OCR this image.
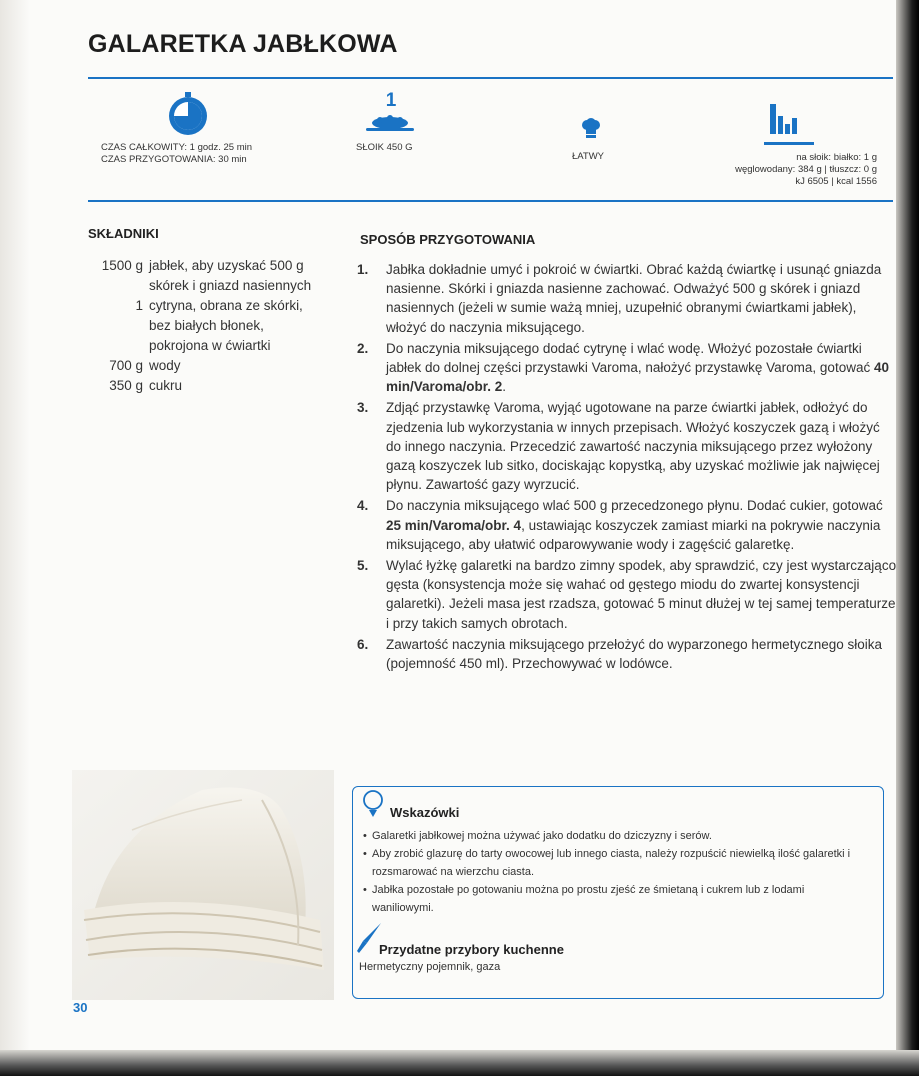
GALARETKA JABŁKOWA
CZAS CAŁKOWITY: 1 godz. 25 min
CZAS PRZYGOTOWANIA: 30 min
1
SŁOIK 450 G
ŁATWY	na słoik: białko: 1 g
węglowodany: 384 g | tłuszcz: 0 g
kJ 6505 | kcal 1556
SKŁADNIKI
1500 g jabłek, aby uzyskać 500 g
skórek i gniazd nasiennych
1 cytryna, obrana ze skórki,
bez białych błonek,
pokrojona w ćwiartki
700 g wody
350 g cukru
SPOSÓB PRZYGOTOWANIA
1.	Jabłka dokładnie umyć i pokroić w ćwiartki. Obrać każdą ćwiartkę i usunąć gniazda nasienne. Skórki i gniazda nasienne zachować. Odważyć 500 g skórek i gniazd nasiennych (jeżeli w sumie ważą mniej, uzupełnić obranymi ćwiartkami jabłek), włożyć do naczynia miksującego.
2.	Do naczynia miksującego dodać cytrynę i wlać wodę. Włożyć pozostałe ćwiartki jabłek do dolnej części przystawki Varoma, nałożyć przystawkę Varoma, gotować 40 min/Varoma/obr. 2.
3.	Zdjąć przystawkę Varoma, wyjąć ugotowane na parze ćwiartki jabłek, odłożyć do zjedzenia lub wykorzystania w innych przepisach. Włożyć koszyczek gazą i włożyć do innego naczynia. Przecedzić zawartość naczynia miksującego przez wyłożony gazą koszyczek lub sitko, dociskając kopystką, aby uzyskać możliwie jak najwięcej płynu. Zawartość gazy wyrzucić.
4.	Do naczynia miksującego wlać 500 g przecedzonego płynu. Dodać cukier, gotować 25 min/Varoma/obr. 4, ustawiając koszyczek zamiast miarki na pokrywie naczynia miksującego, aby ułatwić odparowywanie wody i zagęścić galaretkę.
5.	Wylać łyżkę galaretki na bardzo zimny spodek, aby sprawdzić, czy jest wystarczająco gęsta (konsystencja może się wahać od gęstego miodu do zwartej konsystencji galaretki). Jeżeli masa jest rzadsza, gotować 5 minut dłużej w tej samej temperaturze i przy takich samych obrotach.
6.	Zawartość naczynia miksującego przełożyć do wyparzonego hermetycznego słoika (pojemność 450 ml). Przechowywać w lodówce.
Wskazówki
• Galaretki jabłkowej można używać jako dodatku do dziczyzny i serów.
• Aby zrobić glazurę do tarty owocowej lub innego ciasta, należy rozpuścić niewielką ilość galaretki i rozsmarować na wierzchu ciasta.
• Jabłka pozostałe po gotowaniu można po prostu zjeść ze śmietaną i cukrem lub z lodami waniliowymi.
Przydatne przybory kuchenne
Hermetyczny pojemnik, gaza
30
